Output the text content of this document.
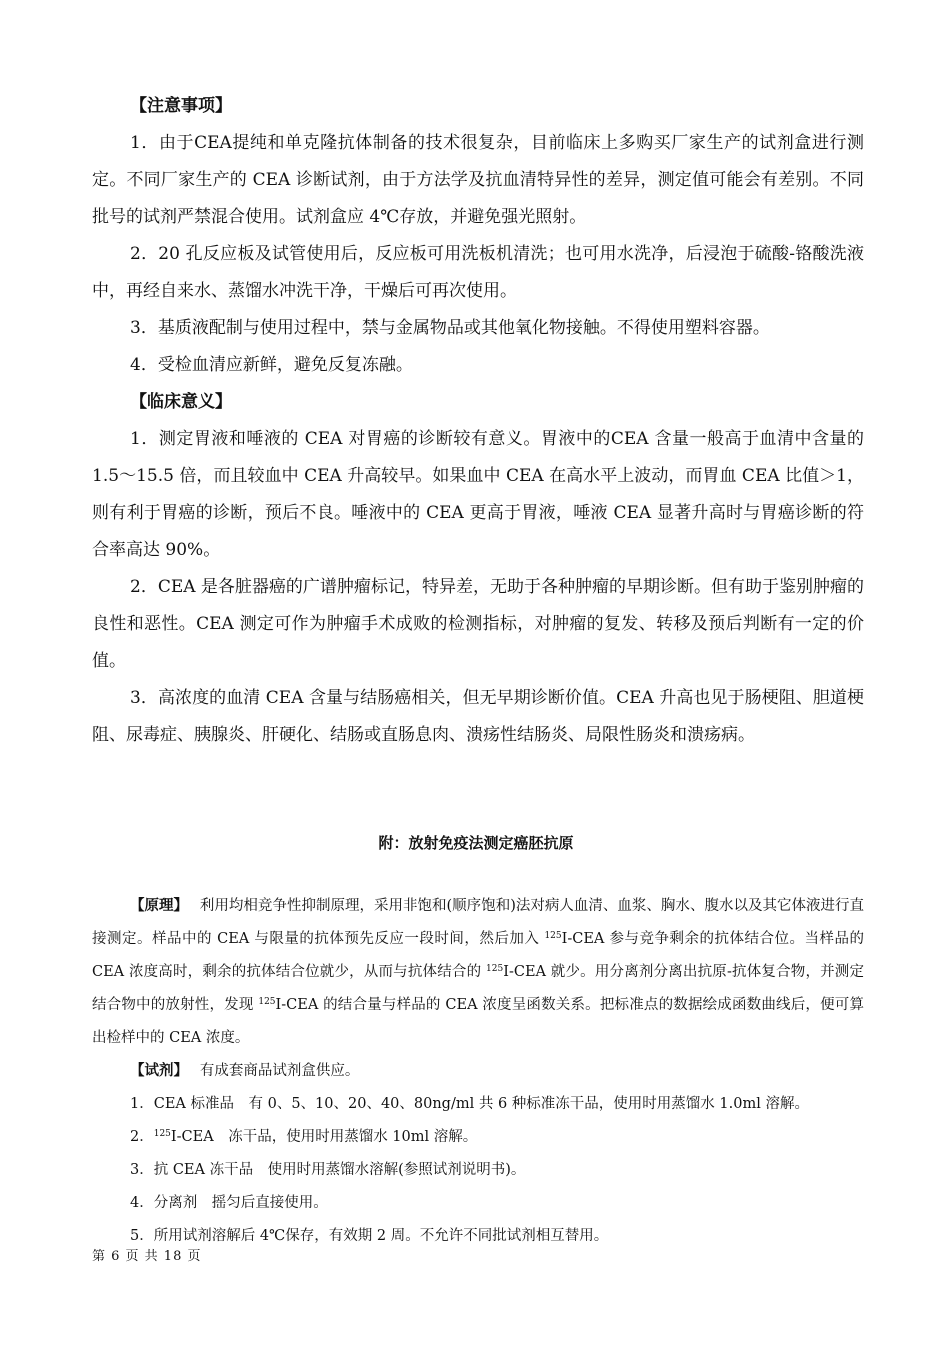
【注意事项】

1．由于CEA提纯和单克隆抗体制备的技术很复杂，目前临床上多购买厂家生产的试剂盒进行测定。不同厂家生产的 CEA 诊断试剂，由于方法学及抗血清特异性的差异，测定值可能会有差别。不同批号的试剂严禁混合使用。试剂盒应 4℃存放，并避免强光照射。

2．20 孔反应板及试管使用后，反应板可用洗板机清洗；也可用水洗净，后浸泡于硫酸-铬酸洗液中，再经自来水、蒸馏水冲洗干净，干燥后可再次使用。

3．基质液配制与使用过程中，禁与金属物品或其他氧化物接触。不得使用塑料容器。

4．受检血清应新鲜，避免反复冻融。

【临床意义】

1．测定胃液和唾液的 CEA 对胃癌的诊断较有意义。胃液中的CEA 含量一般高于血清中含量的 1.5～15.5 倍，而且较血中 CEA 升高较早。如果血中 CEA 在高水平上波动，而胃血 CEA 比值＞1，则有利于胃癌的诊断，预后不良。唾液中的 CEA 更高于胃液，唾液 CEA 显著升高时与胃癌诊断的符合率高达 90%。

2．CEA 是各脏器癌的广谱肿瘤标记，特异差，无助于各种肿瘤的早期诊断。但有助于鉴别肿瘤的良性和恶性。CEA 测定可作为肿瘤手术成败的检测指标，对肿瘤的复发、转移及预后判断有一定的价值。

3．高浓度的血清 CEA 含量与结肠癌相关，但无早期诊断价值。CEA 升高也见于肠梗阻、胆道梗阻、尿毒症、胰腺炎、肝硬化、结肠或直肠息肉、溃疡性结肠炎、局限性肠炎和溃疡病。

附：放射免疫法测定癌胚抗原

【原理】　 利用均相竞争性抑制原理，采用非饱和(顺序饱和)法对病人血清、血浆、胸水、腹水以及其它体液进行直接测定。样品中的 CEA 与限量的抗体预先反应一段时间，然后加入 $^{125}$I-CEA 参与竞争剩余的抗体结合位。当样品的 CEA 浓度高时，剩余的抗体结合位就少，从而与抗体结合的 $^{125}$I-CEA 就少。用分离剂分离出抗原-抗体复合物，并测定结合物中的放射性，发现 $^{125}$I-CEA 的结合量与样品的 CEA 浓度呈函数关系。把标准点的数据绘成函数曲线后，便可算出检样中的 CEA 浓度。

【试剂】　 有成套商品试剂盒供应。

1．CEA 标准品　有 0、5、10、20、40、80ng/ml 共 6 种标准冻干品，使用时用蒸馏水 1.0ml 溶解。

2．$^{125}$I-CEA　冻干品，使用时用蒸馏水 10ml 溶解。

3．抗 CEA 冻干品　使用时用蒸馏水溶解(参照试剂说明书)。

4．分离剂　摇匀后直接使用。

5．所用试剂溶解后 4℃保存，有效期 2 周。不允许不同批试剂相互替用。

第 6 页 共 18 页
